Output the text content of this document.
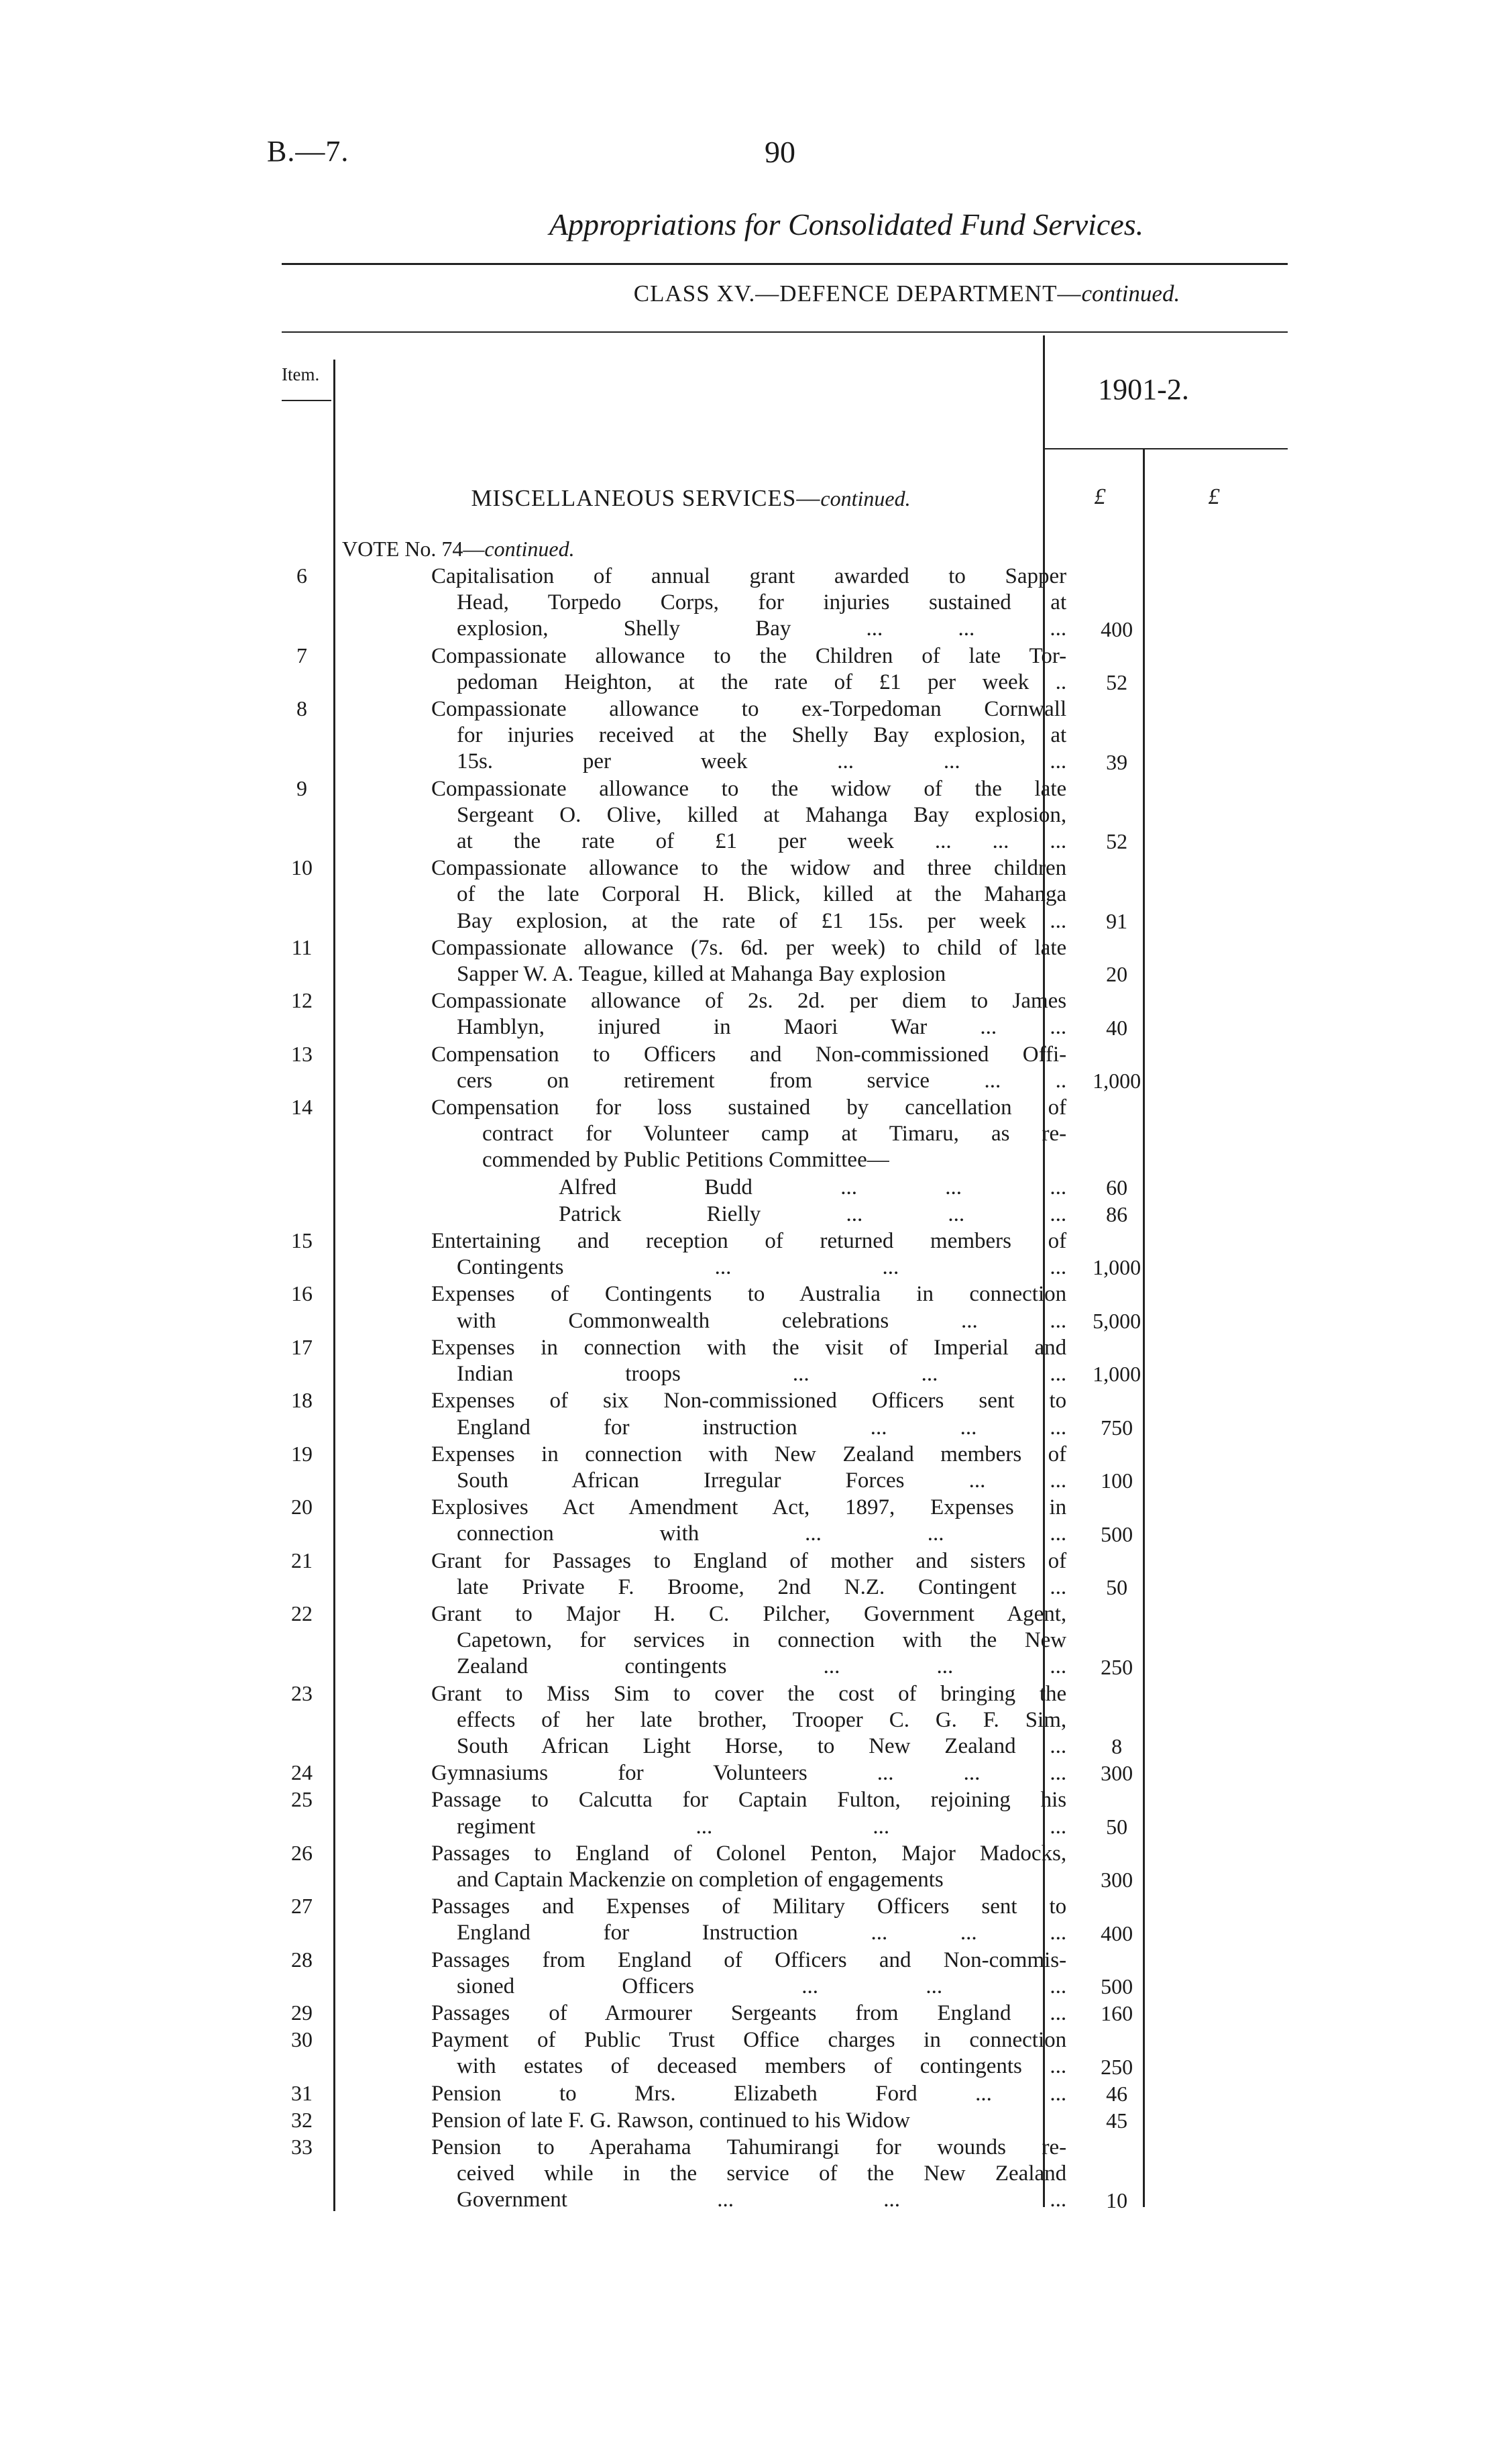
B.—7.	90
Appropriations for Consolidated Fund Services.
CLASS XV.—DEFENCE DEPARTMENT—continued.
Item.	1901-2.
£	£
MISCELLANEOUS SERVICES—continued.
VOTE No. 74—continued.
6	Capitalisation of annual grant awarded to Sapper
Head, Torpedo Corps, for injuries sustained at
explosion, Shelly Bay ... ... ...	400
7	Compassionate allowance to the Children of late Tor-
pedoman Heighton, at the rate of £1 per week ..	52
8	Compassionate allowance to ex-Torpedoman Cornwall
for injuries received at the Shelly Bay explosion, at
15s. per week ... ... ...	39
9	Compassionate allowance to the widow of the late
Sergeant O. Olive, killed at Mahanga Bay explosion,
at the rate of £1 per week ... ... ...	52
10	Compassionate allowance to the widow and three children
of the late Corporal H. Blick, killed at the Mahanga
Bay explosion, at the rate of £1 15s. per week ...	91
11	Compassionate allowance (7s. 6d. per week) to child of late
Sapper W. A. Teague, killed at Mahanga Bay explosion	20
12	Compassionate allowance of 2s. 2d. per diem to James
Hamblyn, injured in Maori War ... ...	40
13	Compensation to Officers and Non-commissioned Offi-
cers on retirement from service ... ..	1,000
14	Compensation for loss sustained by cancellation of
contract for Volunteer camp at Timaru, as re-
commended by Public Petitions Committee—
Alfred Budd ... ... ...	60
Patrick Rielly ... ... ...	86
15	Entertaining and reception of returned members of
Contingents ... ... ...	1,000
16	Expenses of Contingents to Australia in connection
with Commonwealth celebrations ... ...	5,000
17	Expenses in connection with the visit of Imperial and
Indian troops ... ... ...	1,000
18	Expenses of six Non-commissioned Officers sent to
England for instruction ... ... ...	750
19	Expenses in connection with New Zealand members of
South African Irregular Forces ... ...	100
20	Explosives Act Amendment Act, 1897, Expenses in
connection with ... ... ...	500
21	Grant for Passages to England of mother and sisters of
late Private F. Broome, 2nd N.Z. Contingent ...	50
22	Grant to Major H. C. Pilcher, Government Agent,
Capetown, for services in connection with the New
Zealand contingents ... ... ...	250
23	Grant to Miss Sim to cover the cost of bringing the
effects of her late brother, Trooper C. G. F. Sim,
South African Light Horse, to New Zealand ...	8
24	Gymnasiums for Volunteers ... ... ...	300
25	Passage to Calcutta for Captain Fulton, rejoining his
regiment ... ... ...	50
26	Passages to England of Colonel Penton, Major Madocks,
and Captain Mackenzie on completion of engagements	300
27	Passages and Expenses of Military Officers sent to
England for Instruction ... ... ...	400
28	Passages from England of Officers and Non-commis-
sioned Officers ... ... ...	500
29	Passages of Armourer Sergeants from England ...	160
30	Payment of Public Trust Office charges in connection
with estates of deceased members of contingents ...	250
31	Pension to Mrs. Elizabeth Ford ... ...	46
32	Pension of late F. G. Rawson, continued to his Widow	45
33	Pension to Aperahama Tahumirangi for wounds re-
ceived while in the service of the New Zealand
Government ... ... ...	10
